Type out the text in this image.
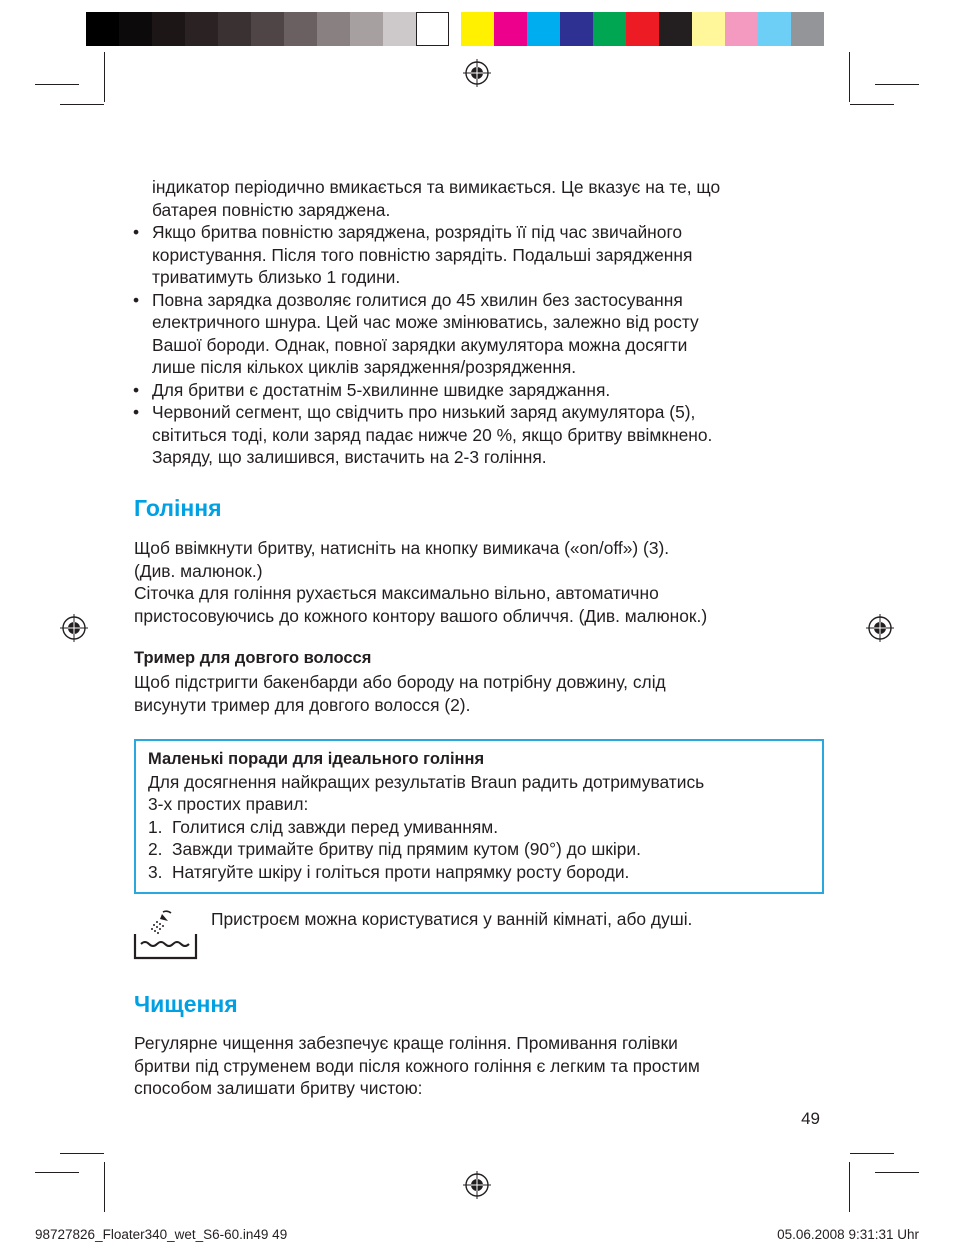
індикатор періодично вмикається та вимикається. Це вказує на те, що
батарея повністю заряджена.
• Якщо бритва повністю заряджена, розрядіть її під час звичайного
користування. Після того повністю зарядіть. Подальші зарядження
триватимуть близько 1 години.
• Повна зарядка дозволяє голитися до 45 хвилин без застосування
електричного шнура. Цей час може змінюватись, залежно від росту
Вашої бороди. Однак, повної зарядки акумулятора можна досягти
лише після кількох циклів зарядження/розрядження.
• Для бритви є достатнім 5-хвилинне швидке заряджання.
• Червоний сегмент, що свідчить про низький заряд акумулятора (5),
світиться тоді, коли заряд падає нижче 20 %, якщо бритву ввімкнено.
Заряду, що залишився, вистачить на 2-3 гоління.
Гоління
Щоб ввімкнути бритву, натисніть на кнопку вимикача («on/off») (3).
(Див. малюнок.)
Сіточка для гоління рухається максимально вільно, автоматично
пристосовуючись до кожного контору вашого обличчя. (Див. малюнок.)
Тример для довгого волосся
Щоб підстригти бакенбарди або бороду на потрібну довжину, слід
висунути тример для довгого волосся (2).
Маленькі поради для ідеального гоління
Для досягнення найкращих результатів Braun радить дотримуватись
3-х простих правил:
1. Голитися слід завжди перед умиванням.
2. Завжди тримайте бритву під прямим кутом (90°) до шкіри.
3. Натягуйте шкіру і голіться проти напрямку росту бороди.
Пристроєм можна користуватися у ванній кімнаті, або душі.
Чищення
Регулярне чищення забезпечує краще гоління. Промивання голівки
бритви під струменем води після кожного гоління є легким та простим
способом залишати бритву чистою:
49
98727826_Floater340_wet_S6-60.in49 49	05.06.2008 9:31:31 Uhr
